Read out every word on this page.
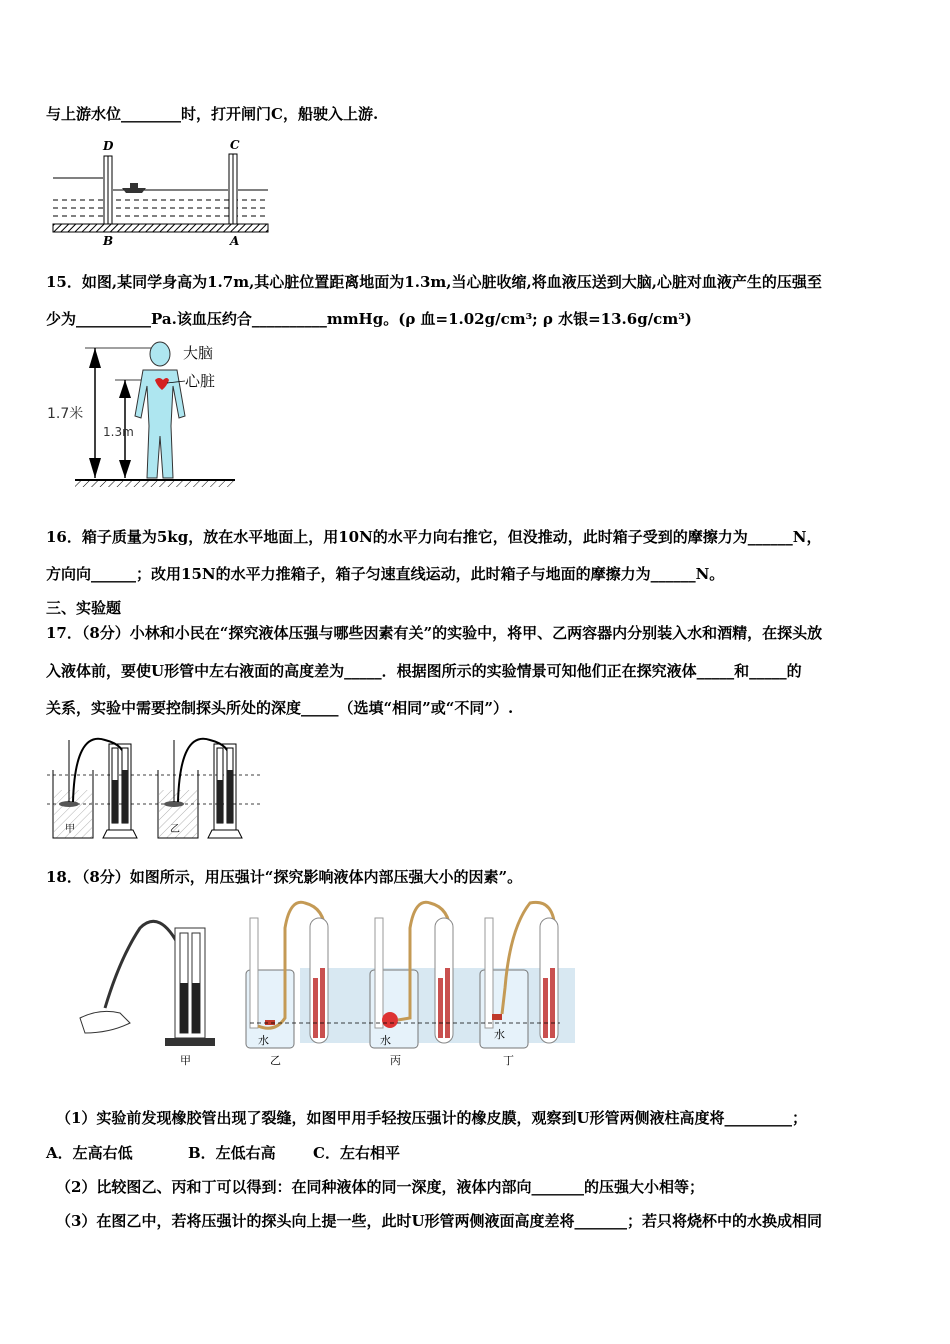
与上游水位________时，打开闸门C，船驶入上游.
D	C
B	A
15．如图,某同学身高为1.7m,其心脏位置距离地面为1.3m,当心脏收缩,将血液压送到大脑,心脏对血液产生的压强至
少为__________Pa.该血压约合__________mmHg。(ρ 血=1.02g/cm³; ρ 水银=13.6g/cm³)
1.7米
1.3m
大脑
心脏
16．箱子质量为5kg，放在水平地面上，用10N的水平力向右推它，但没推动，此时箱子受到的摩擦力为______N，
方向向______；改用15N的水平力推箱子，箱子匀速直线运动，此时箱子与地面的摩擦力为______N。
三、实验题
17．（8分）小林和小民在“探究液体压强与哪些因素有关”的实验中，将甲、乙两容器内分别装入水和酒精，在探头放
入液体前，要使U形管中左右液面的高度差为_____．根据图所示的实验情景可知他们正在探究液体_____和_____的
关系，实验中需要控制探头所处的深度_____（选填“相同”或“不同”）.
甲	乙
18．（8分）如图所示，用压强计“探究影响液体内部压强大小的因素”。
甲
水
乙
水
丙
水
丁
（1）实验前发现橡胶管出现了裂缝，如图甲用手轻按压强计的橡皮膜，观察到U形管两侧液柱高度将_________；
A．左高右低	B．左低右高 C．左右相平
（2）比较图乙、丙和丁可以得到：在同种液体的同一深度，液体内部向_______的压强大小相等；
（3）在图乙中，若将压强计的探头向上提一些，此时U形管两侧液面高度差将_______；若只将烧杯中的水换成相同
